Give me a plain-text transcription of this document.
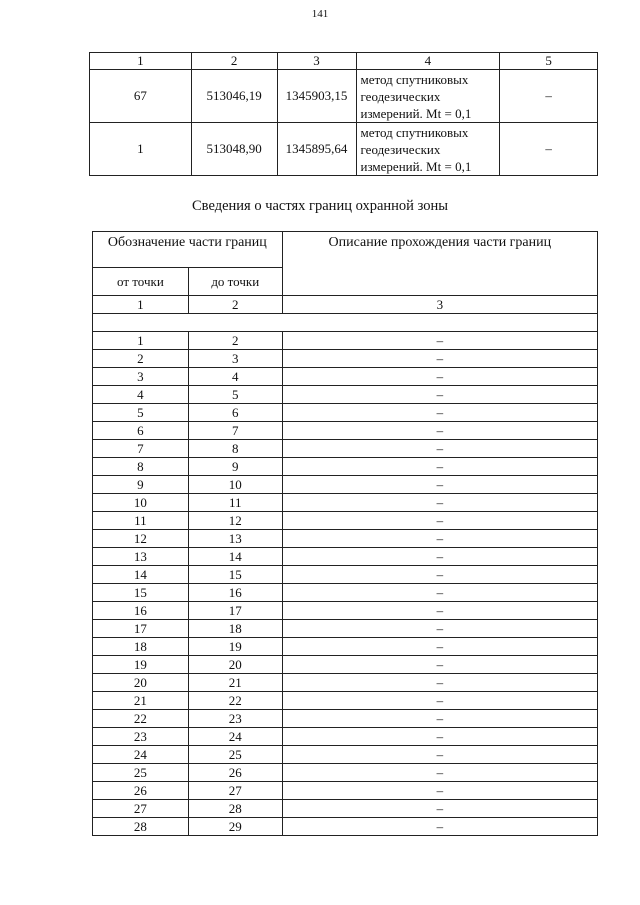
141
1	2	3	4	5
67	513046,19	1345903,15	метод спутниковых
геодезических
измерений. Mt = 0,1	–
1	513048,90	1345895,64	метод спутниковых
геодезических
измерений. Mt = 0,1	–
Сведения о частях границ охранной зоны
Обозначение части границ		Описание прохождения части границ
от точки	до точки	
1	2	3

1	2	–
2	3	–
3	4	–
4	5	–
5	6	–
6	7	–
7	8	–
8	9	–
9	10	–
10	11	–
11	12	–
12	13	–
13	14	–
14	15	–
15	16	–
16	17	–
17	18	–
18	19	–
19	20	–
20	21	–
21	22	–
22	23	–
23	24	–
24	25	–
25	26	–
26	27	–
27	28	–
28	29	–
